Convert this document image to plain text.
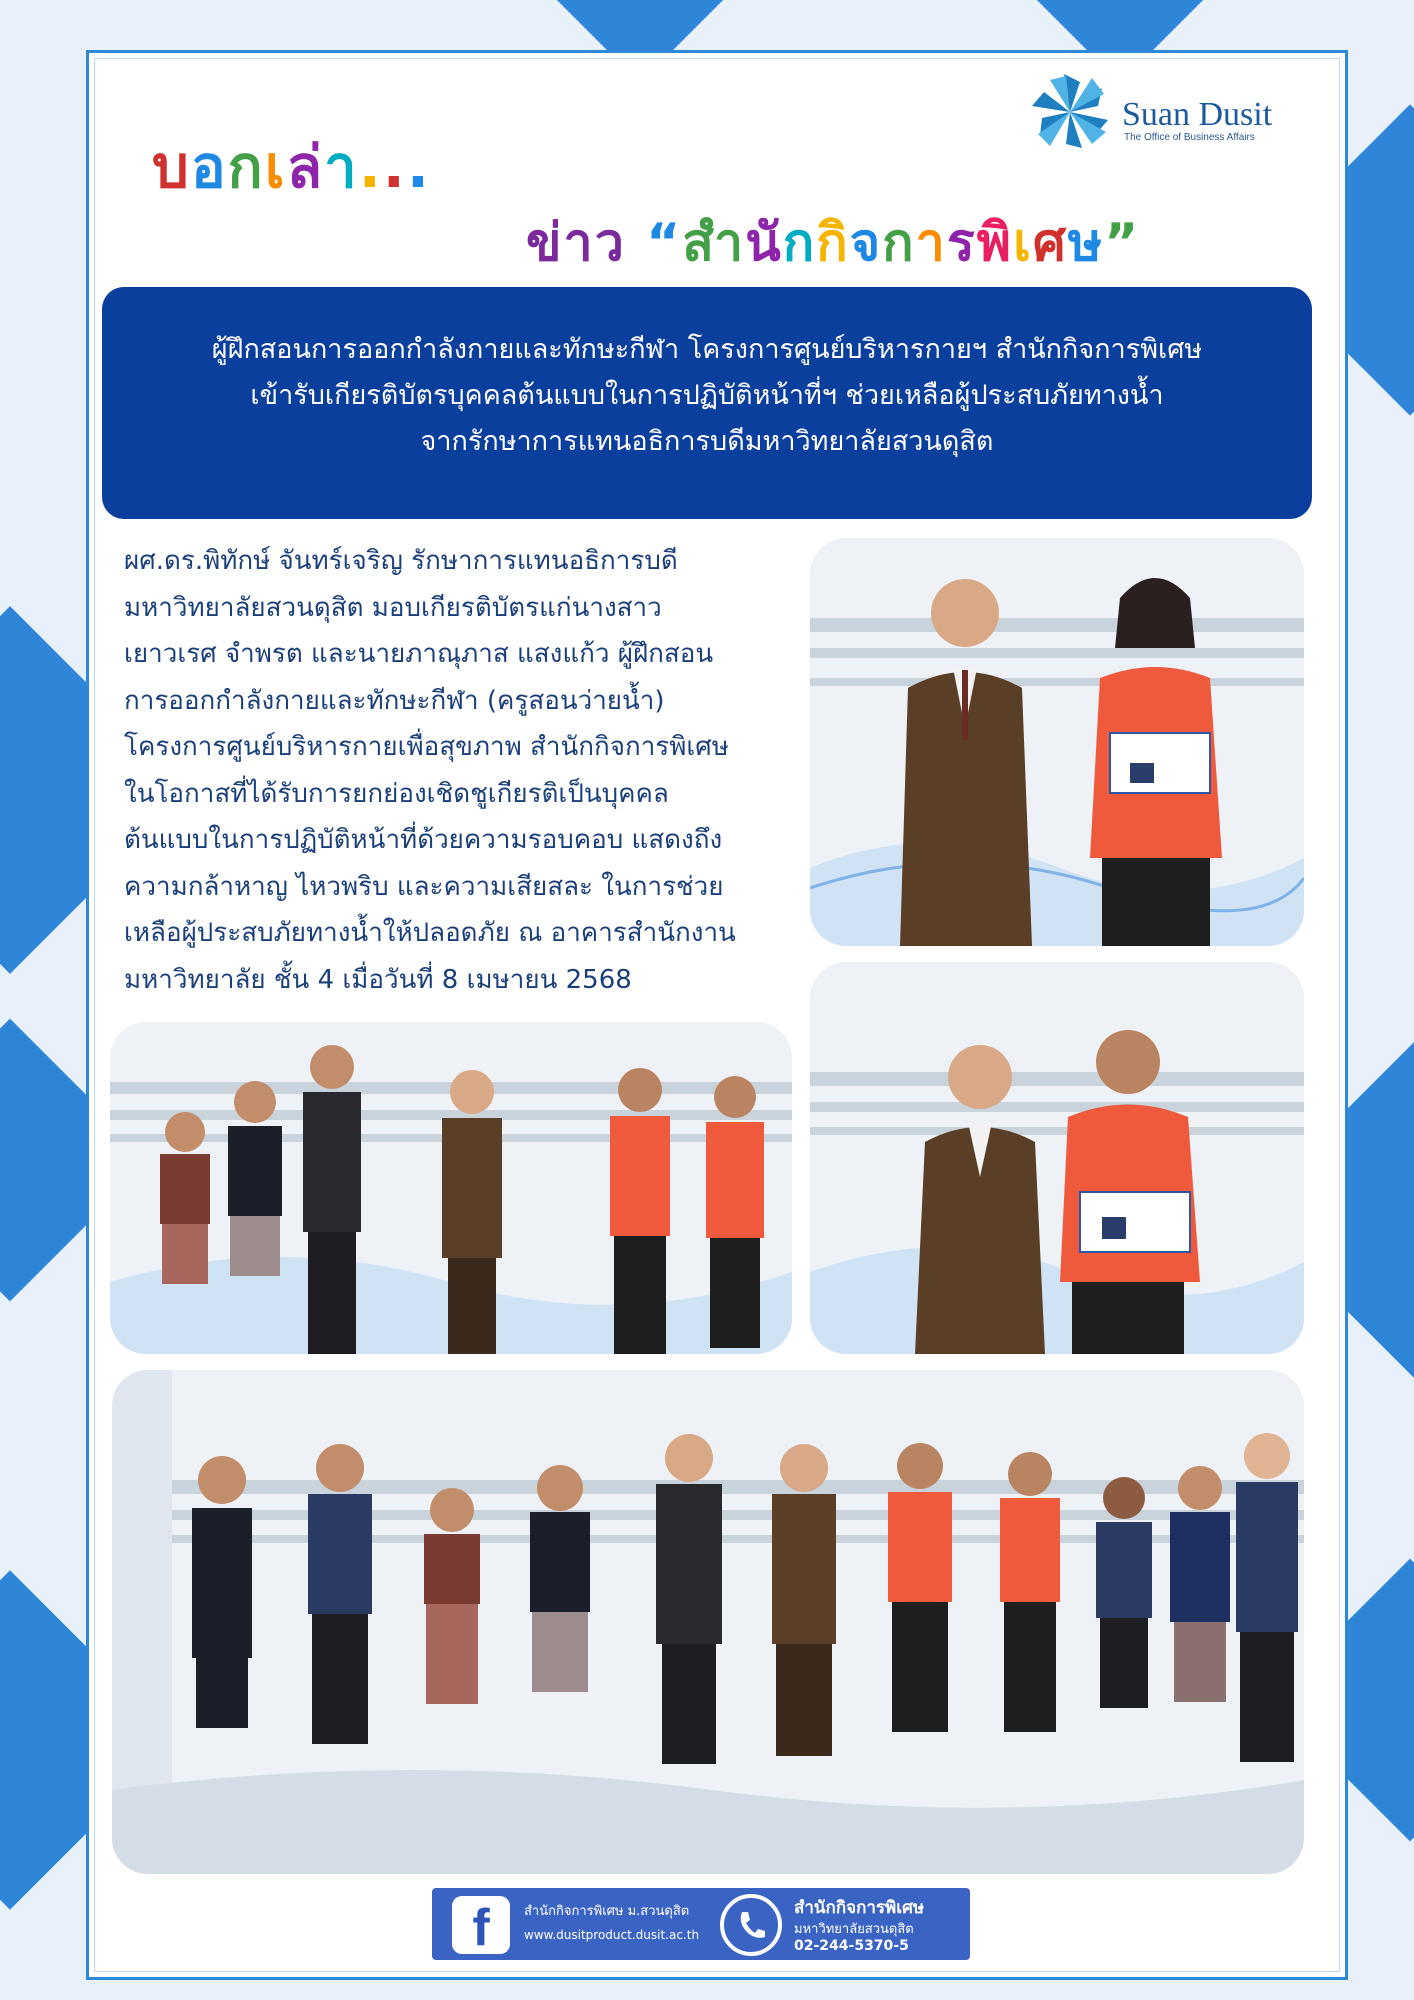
Suan Dusit
The Office of Business Affairs
บอกเลา...
ข่าว “สนกกจการพเศษ”
ผู้ฝึกสอนการออกกำลังกายและทักษะกีฬา โครงการศูนย์บริหารกายฯ สำนักกิจการพิเศษ
เข้ารับเกียรติบัตรบุคคลต้นแบบในการปฏิบัติหน้าที่ฯ ช่วยเหลือผู้ประสบภัยทางน้ำ
จากรักษาการแทนอธิการบดีมหาวิทยาลัยสวนดุสิต
ผศ.ดร.พิทักษ์ จันทร์เจริญ รักษาการแทนอธิการบดี
มหาวิทยาลัยสวนดุสิต มอบเกียรติบัตรแก่นางสาว
เยาวเรศ จำพรต และนายภาณุภาส แสงแก้ว ผู้ฝึกสอน
การออกกำลังกายและทักษะกีฬา (ครูสอนว่ายน้ำ)
โครงการศูนย์บริหารกายเพื่อสุขภาพ สำนักกิจการพิเศษ
ในโอกาสที่ได้รับการยกย่องเชิดชูเกียรติเป็นบุคคล
ต้นแบบในการปฏิบัติหน้าที่ด้วยความรอบคอบ แสดงถึง
ความกล้าหาญ ไหวพริบ และความเสียสละ ในการช่วย
เหลือผู้ประสบภัยทางน้ำให้ปลอดภัย ณ อาคารสำนักงาน
มหาวิทยาลัย ชั้น 4 เมื่อวันที่ 8 เมษายน 2568
f	สำนักกิจการพิเศษ ม.สวนดุสิต
www.dusitproduct.dusit.ac.th
สำนักกิจการพิเศษ
มหาวิทยาลัยสวนดุสิต
02-244-5370-5
